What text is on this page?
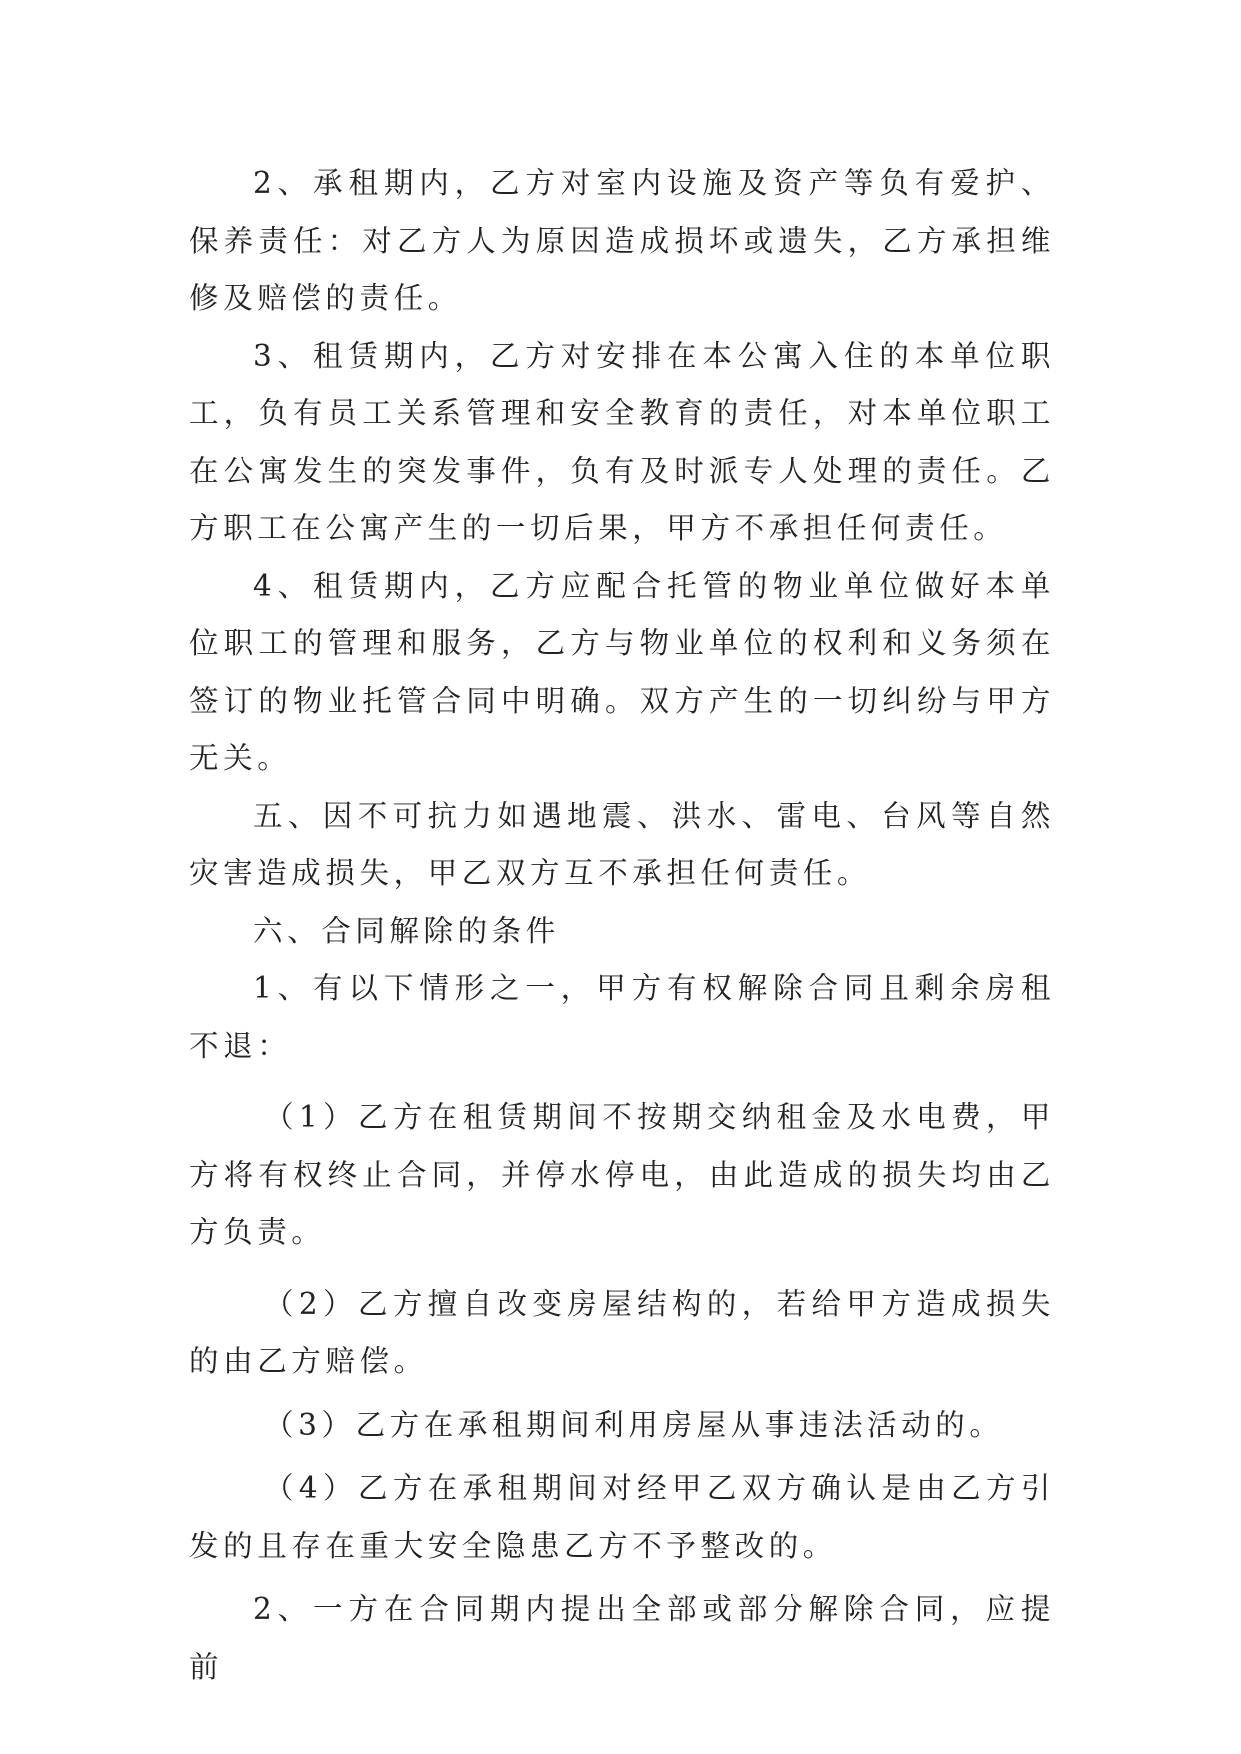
2、承租期内，乙方对室内设施及资产等负有爱护、保养责任：对乙方人为原因造成损坏或遗失，乙方承担维修及赔偿的责任。

3、租赁期内，乙方对安排在本公寓入住的本单位职工，负有员工关系管理和安全教育的责任，对本单位职工在公寓发生的突发事件，负有及时派专人处理的责任。乙方职工在公寓产生的一切后果，甲方不承担任何责任。

4、租赁期内，乙方应配合托管的物业单位做好本单位职工的管理和服务，乙方与物业单位的权利和义务须在签订的物业托管合同中明确。双方产生的一切纠纷与甲方无关。

五、因不可抗力如遇地震、洪水、雷电、台风等自然灾害造成损失，甲乙双方互不承担任何责任。

六、合同解除的条件

1、有以下情形之一，甲方有权解除合同且剩余房租不退：

（1）乙方在租赁期间不按期交纳租金及水电费，甲方将有权终止合同，并停水停电，由此造成的损失均由乙方负责。

（2）乙方擅自改变房屋结构的，若给甲方造成损失的由乙方赔偿。

（3）乙方在承租期间利用房屋从事违法活动的。

（4）乙方在承租期间对经甲乙双方确认是由乙方引发的且存在重大安全隐患乙方不予整改的。

2、一方在合同期内提出全部或部分解除合同，应提前
